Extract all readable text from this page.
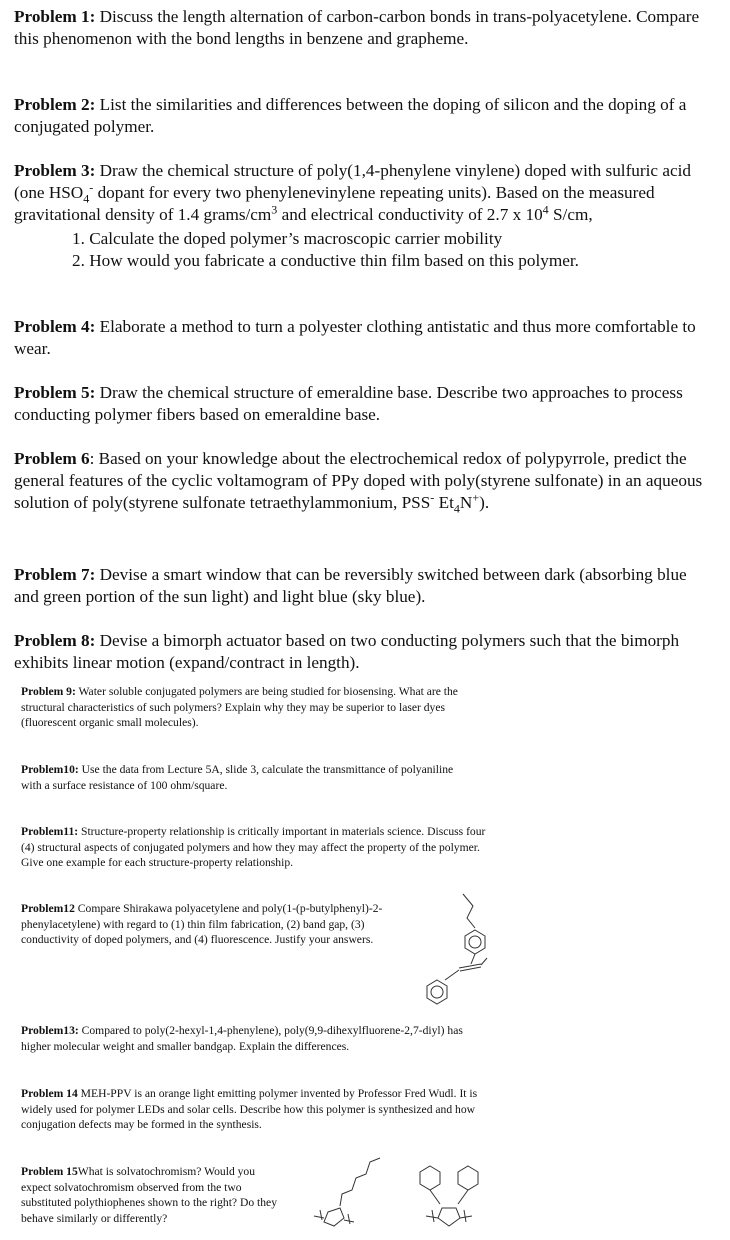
Problem 1: Discuss the length alternation of carbon-carbon bonds in trans-polyacetylene. Compare this phenomenon with the bond lengths in benzene and grapheme.
Problem 2: List the similarities and differences between the doping of silicon and the doping of a conjugated polymer.
Problem 3: Draw the chemical structure of poly(1,4-phenylene vinylene) doped with sulfuric acid (one $HSO_4^-$ dopant for every two phenylenevinylene repeating units). Based on the measured gravitational density of 1.4 grams/$cm^3$ and electrical conductivity of 2.7 x $10^4$ S/cm,
1. Calculate the doped polymer’s macroscopic carrier mobility
2. How would you fabricate a conductive thin film based on this polymer.
Problem 4: Elaborate a method to turn a polyester clothing antistatic and thus more comfortable to wear.
Problem 5: Draw the chemical structure of emeraldine base. Describe two approaches to process conducting polymer fibers based on emeraldine base.
Problem 6: Based on your knowledge about the electrochemical redox of polypyrrole, predict the general features of the cyclic voltamogram of PPy doped with poly(styrene sulfonate) in an aqueous solution of poly(styrene sulfonate tetraethylammonium, PSS- $Et_4N^+$).
Problem 7: Devise a smart window that can be reversibly switched between dark (absorbing blue and green portion of the sun light) and light blue (sky blue).
Problem 8: Devise a bimorph actuator based on two conducting polymers such that the bimorph exhibits linear motion (expand/contract in length).
Problem 9: Water soluble conjugated polymers are being studied for biosensing. What are the structural characteristics of such polymers? Explain why they may be superior to laser dyes (fluorescent organic small molecules).
Problem10: Use the data from Lecture 5A, slide 3, calculate the transmittance of polyaniline with a surface resistance of 100 ohm/square.
Problem11: Structure-property relationship is critically important in materials science. Discuss four (4) structural aspects of conjugated polymers and how they may affect the property of the polymer. Give one example for each structure-property relationship.
Problem12 Compare Shirakawa polyacetylene and poly(1-(p-butylphenyl)-2-phenylacetylene) with regard to (1) thin film fabrication, (2) band gap, (3) conductivity of doped polymers, and (4) fluorescence. Justify your answers.
Problem13: Compared to poly(2-hexyl-1,4-phenylene), poly(9,9-dihexylfluorene-2,7-diyl) has higher molecular weight and smaller bandgap. Explain the differences.
Problem 14 MEH-PPV is an orange light emitting polymer invented by Professor Fred Wudl. It is widely used for polymer LEDs and solar cells. Describe how this polymer is synthesized and how conjugation defects may be formed in the synthesis.
Problem 15What is solvatochromism? Would you expect solvatochromism observed from the two substituted polythiophenes shown to the right? Do they behave similarly or differently?
